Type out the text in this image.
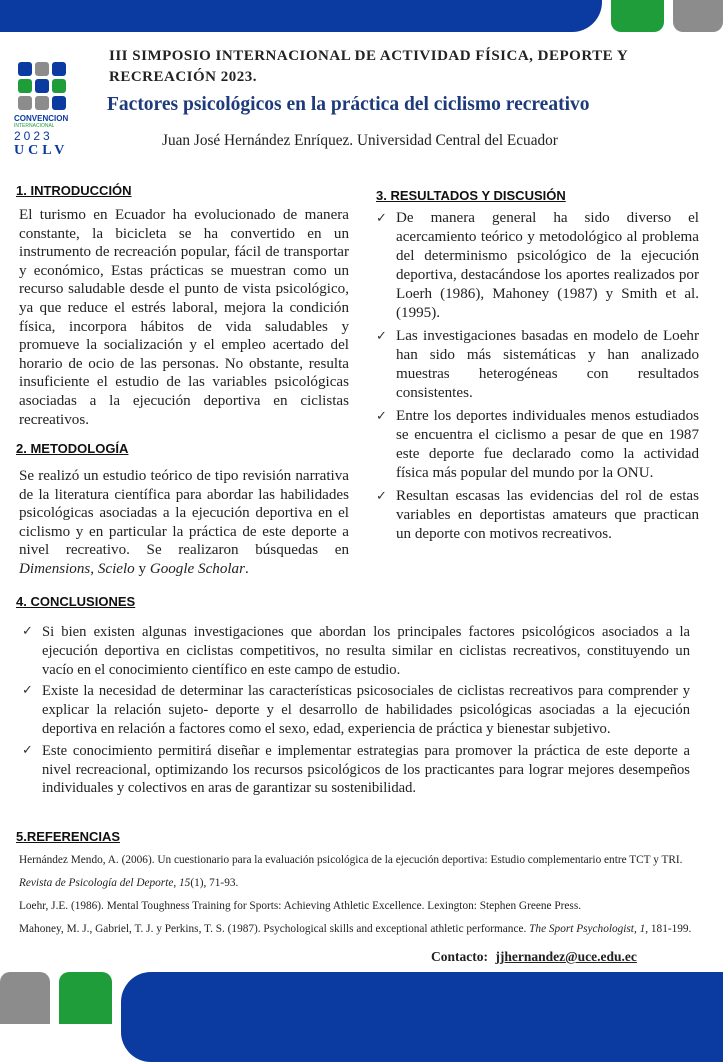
CONVENCION
INTERNACIONAL
2023
UCLV
III SIMPOSIO INTERNACIONAL DE ACTIVIDAD FÍSICA, DEPORTE Y RECREACIÓN 2023.
Factores psicológicos en la práctica del ciclismo recreativo
Juan José Hernández Enríquez. Universidad Central del Ecuador
1. INTRODUCCIÓN
El turismo en Ecuador ha evolucionado de manera constante, la bicicleta se ha convertido en un instrumento de recreación popular, fácil de transportar y económico, Estas prácticas se muestran como un recurso saludable desde el punto de vista psicológico, ya que reduce el estrés laboral, mejora la condición física, incorpora hábitos de vida saludables y promueve la socialización y el empleo acertado del horario de ocio de las personas. No obstante, resulta insuficiente el estudio de las variables psicológicas asociadas a la ejecución deportiva en ciclistas recreativos.
2. METODOLOGÍA
Se realizó un estudio teórico de tipo revisión narrativa de la literatura científica para abordar las habilidades psicológicas asociadas a la ejecución deportiva en el ciclismo y en particular la práctica de este deporte a nivel recreativo. Se realizaron búsquedas en Dimensions, Scielo y Google Scholar.
3. RESULTADOS Y DISCUSIÓN
✓ De manera general ha sido diverso el acercamiento teórico y metodológico al problema del determinismo psicológico de la ejecución deportiva, destacándose los aportes realizados por Loerh (1986), Mahoney (1987) y Smith et al. (1995).
✓ Las investigaciones basadas en modelo de Loehr han sido más sistemáticas y han analizado muestras heterogéneas con resultados consistentes.
✓ Entre los deportes individuales menos estudiados se encuentra el ciclismo a pesar de que en 1987 este deporte fue declarado como la actividad física más popular del mundo por la ONU.
✓ Resultan escasas las evidencias del rol de estas variables en deportistas amateurs que practican un deporte con motivos recreativos.
4. CONCLUSIONES
✓ Si bien existen algunas investigaciones que abordan los principales factores psicológicos asociados a la ejecución deportiva en ciclistas competitivos, no resulta similar en ciclistas recreativos, constituyendo un vacío en el conocimiento científico en este campo de estudio.
✓ Existe la necesidad de determinar las características psicosociales de ciclistas recreativos para comprender y explicar la relación sujeto- deporte y el desarrollo de habilidades psicológicas asociadas a la ejecución deportiva en relación a factores como el sexo, edad, experiencia de práctica y bienestar subjetivo.
✓ Este conocimiento permitirá diseñar e implementar estrategias para promover la práctica de este deporte a nivel recreacional, optimizando los recursos psicológicos de los practicantes para lograr mejores desempeños individuales y colectivos en aras de garantizar su sostenibilidad.
5.REFERENCIAS

Hernández Mendo, A. (2006). Un cuestionario para la evaluación psicológica de la ejecución deportiva: Estudio complementario entre TCT y TRI. Revista de Psicología del Deporte, 15(1), 71-93.

Loehr, J.E. (1986). Mental Toughness Training for Sports: Achieving Athletic Excellence. Lexington: Stephen Greene Press.

Mahoney, M. J., Gabriel, T. J. y Perkins, T. S. (1987). Psychological skills and exceptional athletic performance. The Sport Psychologist, 1, 181-199.

Contacto: jjhernandez@uce.edu.ec
